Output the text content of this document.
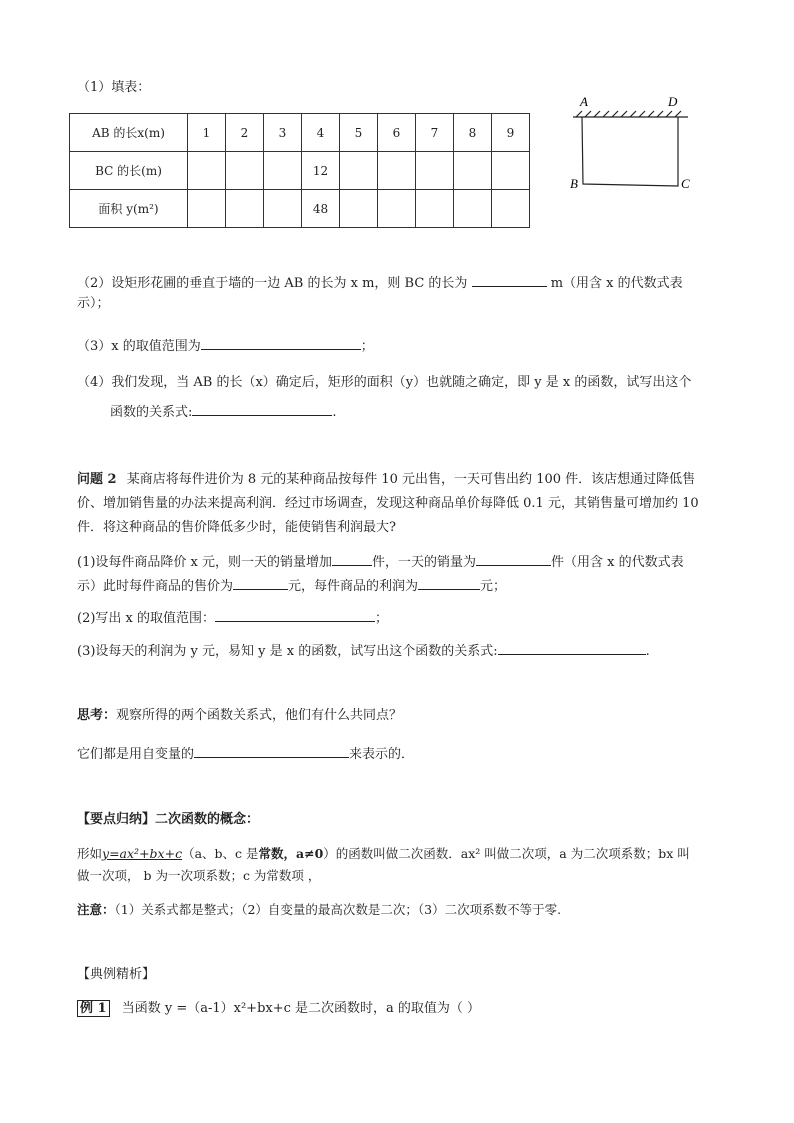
（1）填表：
AB 的长x(m)	1	2	3	4	5	6	7	8	9
BC 的长(m)				12					
面积 y(m²)				48					
A	D
B	C
（2）设矩形花圃的垂直于墙的一边 AB 的长为 x m，则 BC 的长为	m（用含 x 的代数式表
示）；
（3）x 的取值范围为	；
（4）我们发现，当 AB 的长（x）确定后，矩形的面积（y）也就随之确定，即 y 是 x 的函数，试写出这个
函数的关系式:	.
问题 2 某商店将每件进价为 8 元的某种商品按每件 10 元出售，一天可售出约 100 件．该店想通过降低售
价、增加销售量的办法来提高利润．经过市场调查，发现这种商品单价每降低 0.1 元，其销售量可增加约 10
件．将这种商品的售价降低多少时，能使销售利润最大?
(1)设每件商品降价 x 元，则一天的销量增加	件，一天的销量为	件（用含 x 的代数式表
示）此时每件商品的售价为	元，每件商品的利润为	元；
(2)写出 x 的取值范围：	；
(3)设每天的利润为 y 元，易知 y 是 x 的函数，试写出这个函数的关系式:	.
思考：观察所得的两个函数关系式，他们有什么共同点？
它们都是用自变量的	来表示的．
【要点归纳】二次函数的概念：
形如y=ax²+bx+c（a、b、c 是常数，a≠0）的函数叫做二次函数．ax² 叫做二次项，a 为二次项系数；bx 叫
做一次项， b 为一次项系数；c 为常数项 ，
注意：（1）关系式都是整式；（2）自变量的最高次数是二次；（3）二次项系数不等于零.
【典例精析】
例 1 当函数 y =（a-1）x²+bx+c 是二次函数时，a 的取值为（ ）
